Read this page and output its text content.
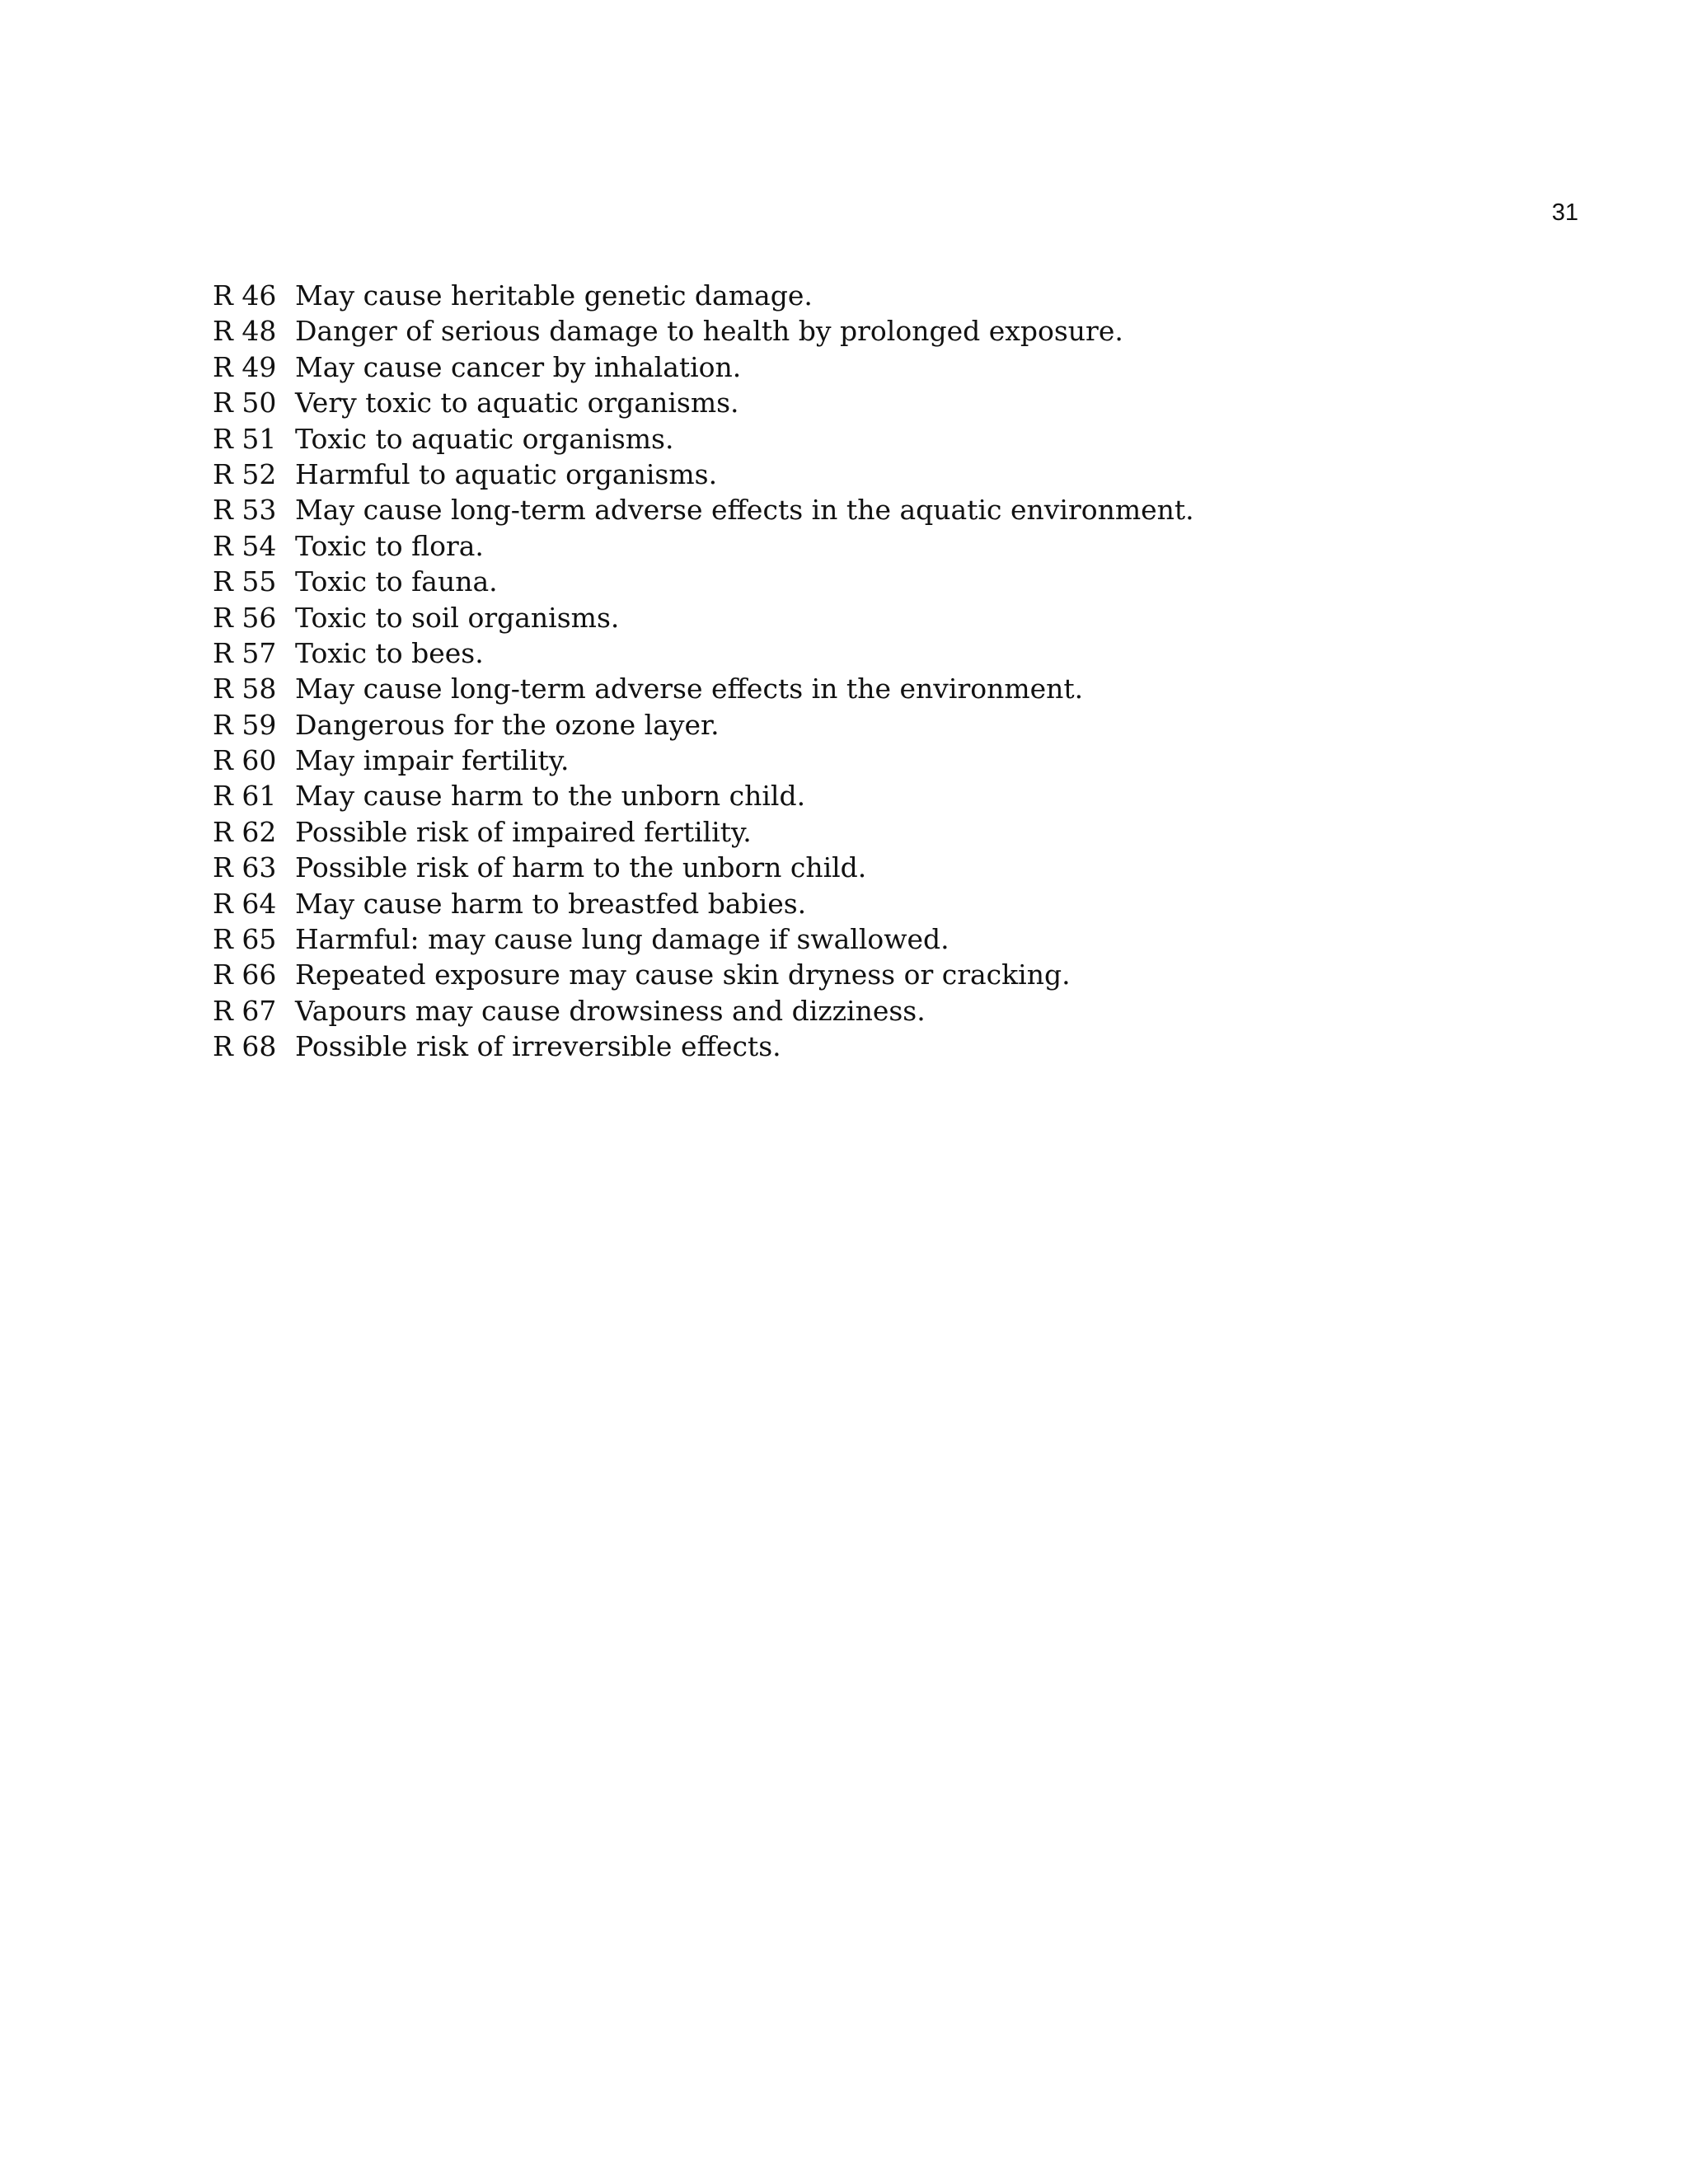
31
R 46 May cause heritable genetic damage.
R 48 Danger of serious damage to health by prolonged exposure.
R 49 May cause cancer by inhalation.
R 50 Very toxic to aquatic organisms.
R 51 Toxic to aquatic organisms.
R 52 Harmful to aquatic organisms.
R 53 May cause long-term adverse effects in the aquatic environment.
R 54 Toxic to flora.
R 55 Toxic to fauna.
R 56 Toxic to soil organisms.
R 57 Toxic to bees.
R 58 May cause long-term adverse effects in the environment.
R 59 Dangerous for the ozone layer.
R 60 May impair fertility.
R 61 May cause harm to the unborn child.
R 62 Possible risk of impaired fertility.
R 63 Possible risk of harm to the unborn child.
R 64 May cause harm to breastfed babies.
R 65 Harmful: may cause lung damage if swallowed.
R 66 Repeated exposure may cause skin dryness or cracking.
R 67 Vapours may cause drowsiness and dizziness.
R 68 Possible risk of irreversible effects.
